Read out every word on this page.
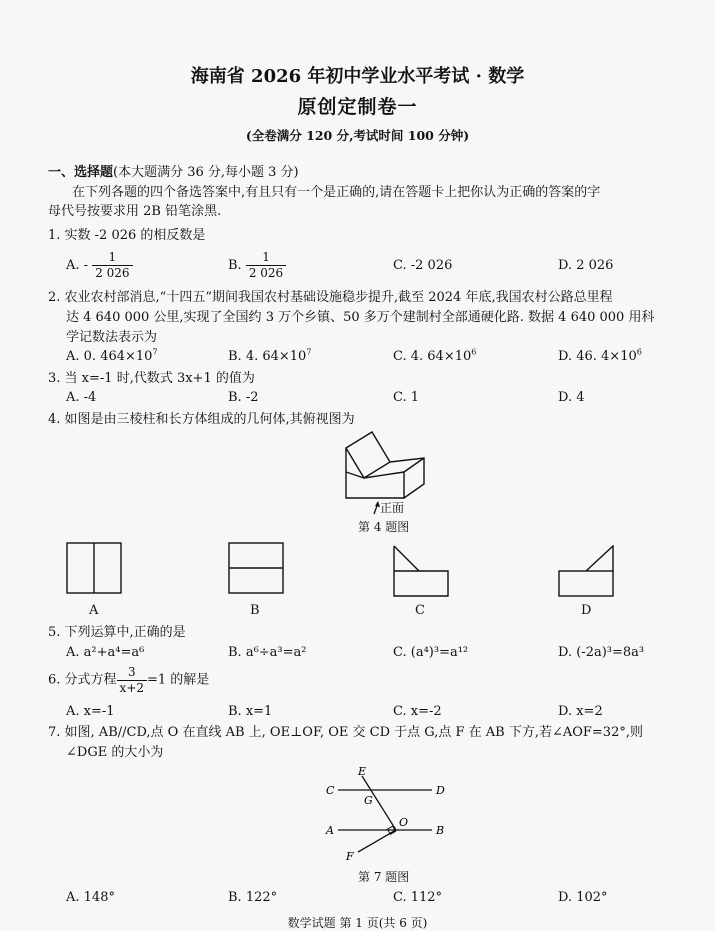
海南省 2026 年初中学业水平考试 · 数学
原创定制卷一
(全卷满分 120 分,考试时间 100 分钟)
一、选择题(本大题满分 36 分,每小题 3 分)
在下列各题的四个备选答案中,有且只有一个是正确的,请在答题卡上把你认为正确的答案的字
母代号按要求用 2B 铅笔涂黑.
1. 实数 -2 026 的相反数是
A. - $\frac{1}{2 026}$	B. $\frac{1}{2 026}$	C. -2 026	D. 2 026
2. 农业农村部消息,“十四五”期间我国农村基础设施稳步提升,截至 2024 年底,我国农村公路总里程
达 4 640 000 公里,实现了全国约 3 万个乡镇、50 多万个建制村全部通硬化路. 数据 4 640 000 用科
学记数法表示为
A. 0. $464\times 10^7$	B. 4. $64\times 10^7$	C. 4. $64\times 10^6$	D. 46. $4\times 10^6$
3. 当 x=-1 时,代数式 3x+1 的值为
A. -4	B. -2	C. 1	D. 4
4. 如图是由三棱柱和长方体组成的几何体,其俯视图为
正面
第 4 题图
A	B	C	D
5. 下列运算中,正确的是
A. a²+a⁴=a⁶	B. a⁶÷a³=a²	C. (a⁴)³=a¹²	D. (-2a)³=8a³
6. 分式方程 $\frac{3}{x+2} =1$ 的解是
A. x=-1	B. x=1	C. x=-2	D. x=2
7. 如图, AB//CD,点 O 在直线 AB 上, OE⊥OF, OE 交 CD 于点 G,点 F 在 AB 下方,若∠AOF=32°,则
∠DGE 的大小为
E
C
G
D
A
O
B
F
第 7 题图
A. 148°	B. 122°	C. 112°	D. 102°
数学试题 第 1 页(共 6 页)
